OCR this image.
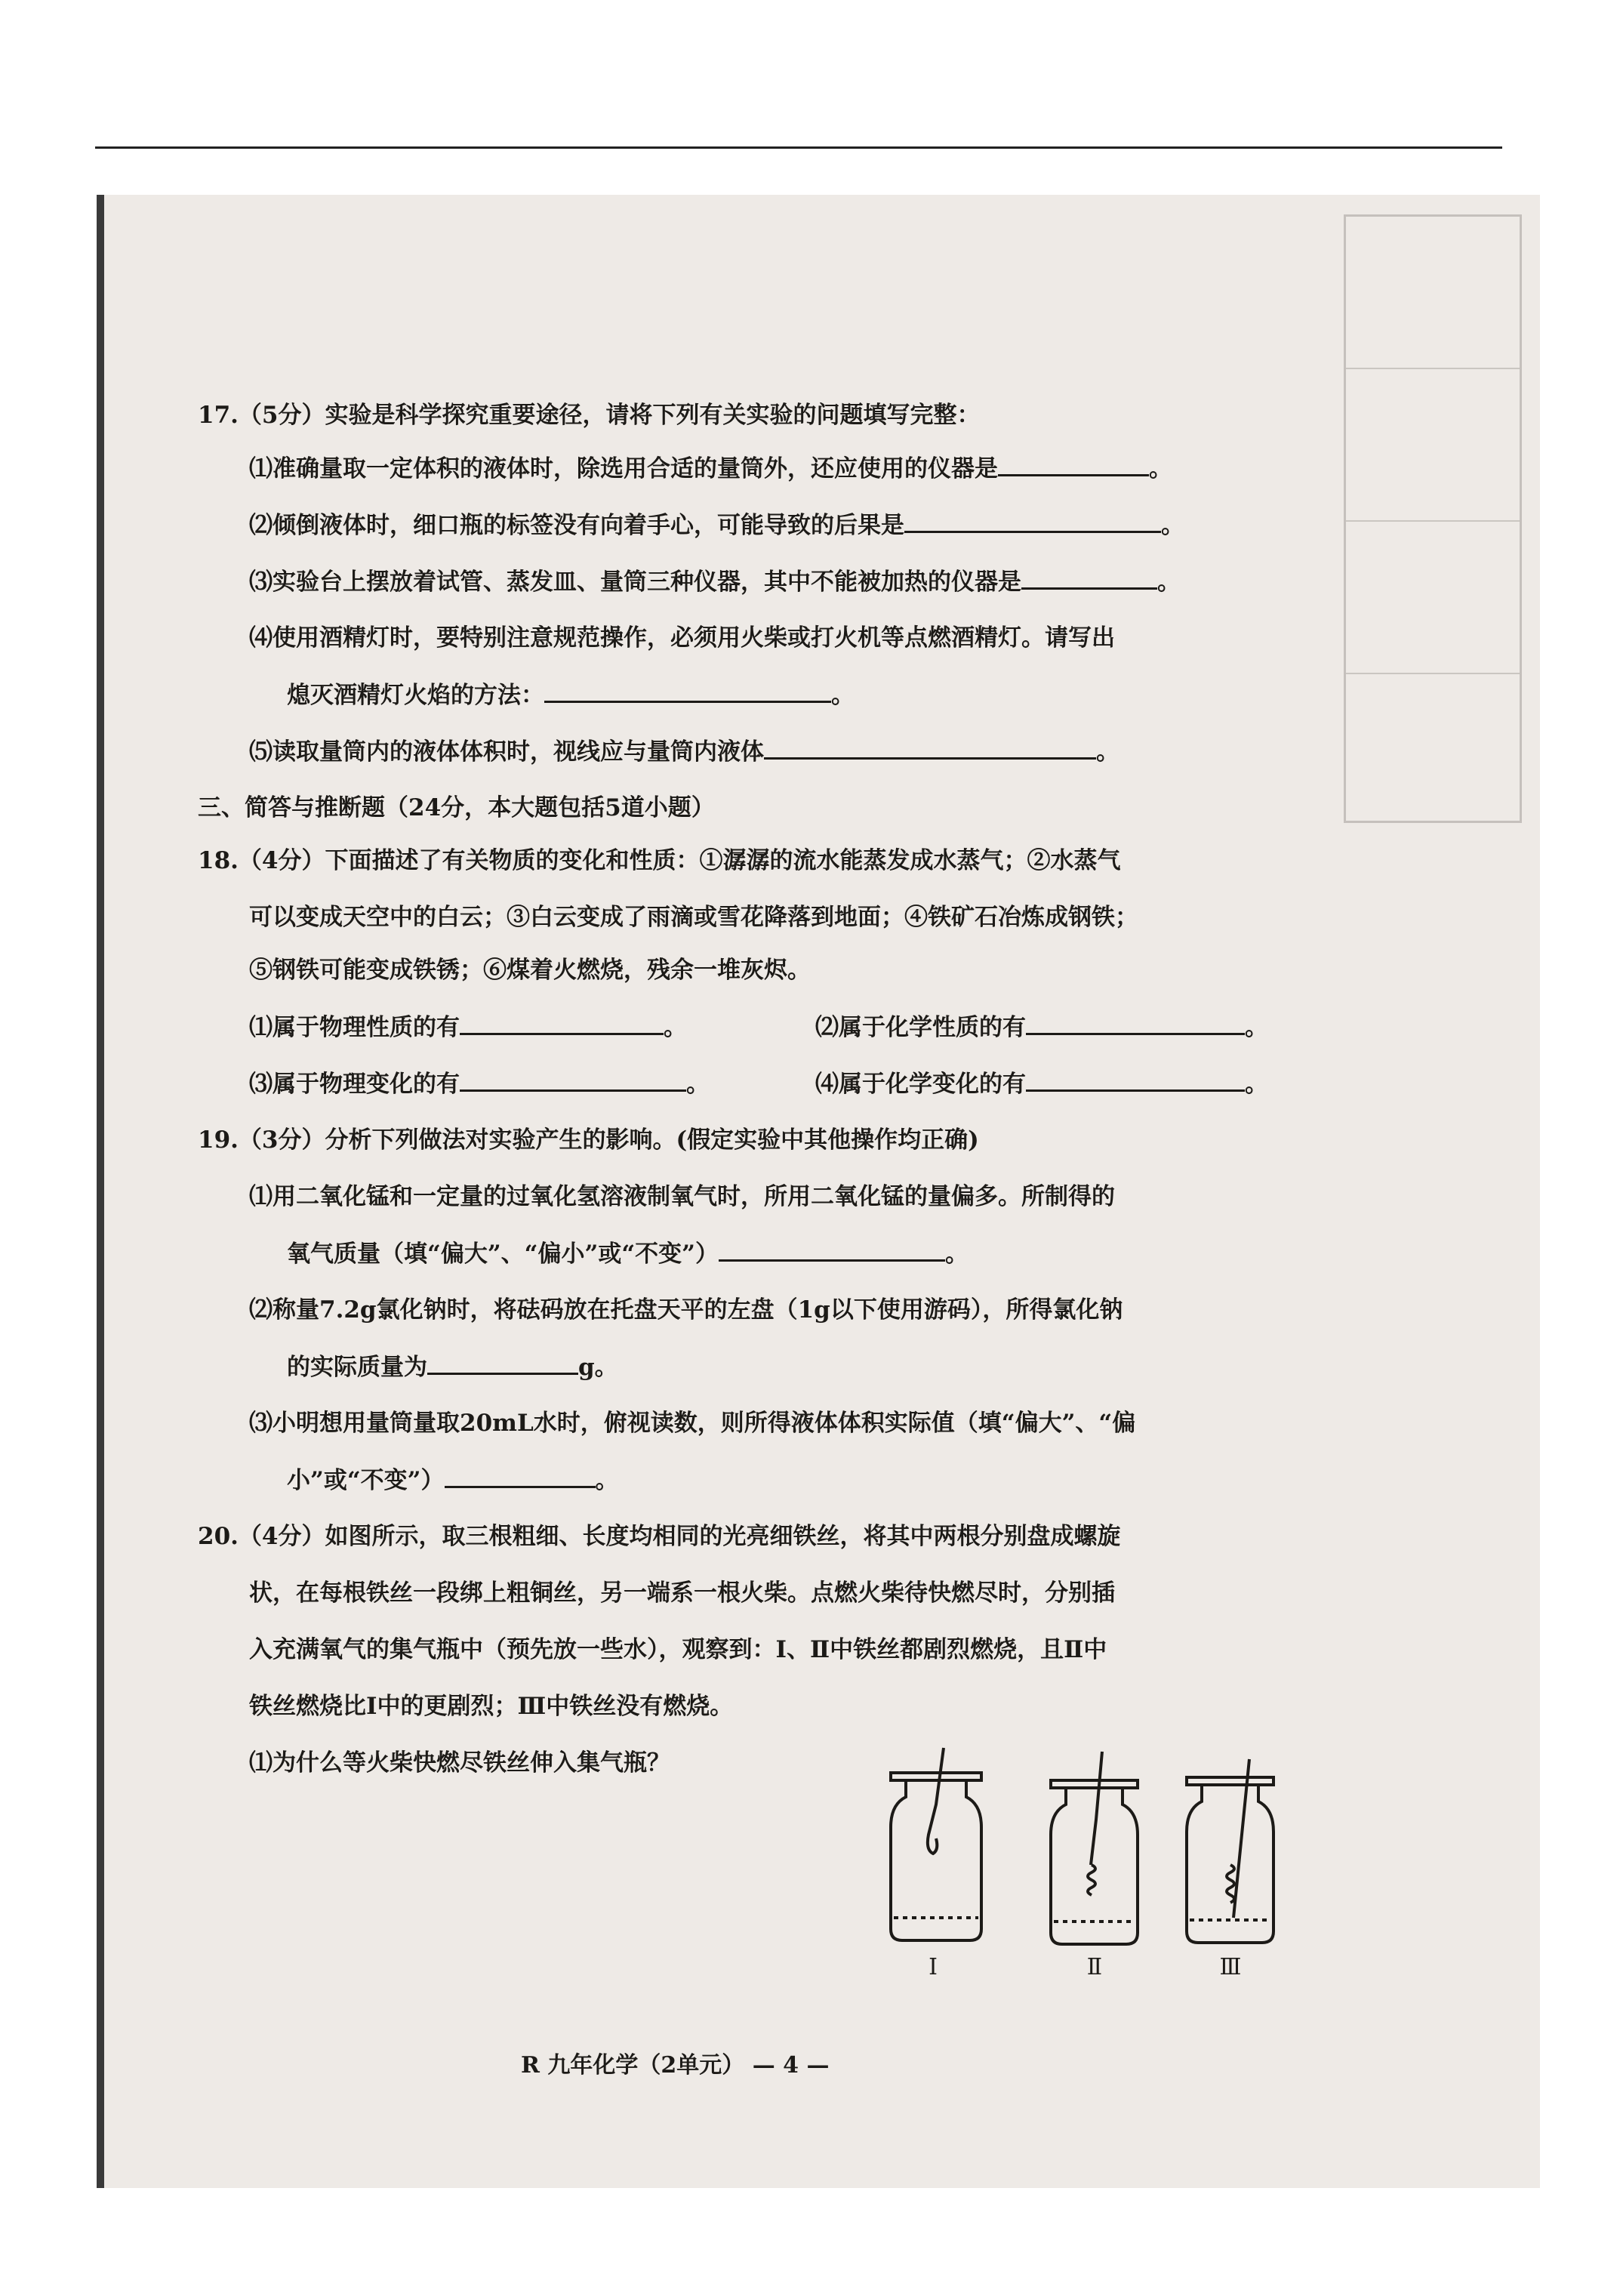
17.（5分）实验是科学探究重要途径，请将下列有关实验的问题填写完整：
⑴准确量取一定体积的液体时，除选用合适的量筒外，还应使用的仪器是	。
⑵倾倒液体时，细口瓶的标签没有向着手心，可能导致的后果是	。
⑶实验台上摆放着试管、蒸发皿、量筒三种仪器，其中不能被加热的仪器是	。
⑷使用酒精灯时，要特别注意规范操作，必须用火柴或打火机等点燃酒精灯。请写出
熄灭酒精灯火焰的方法：	。
⑸读取量筒内的液体体积时，视线应与量筒内液体	。
三、简答与推断题（24分，本大题包括5道小题）
18.（4分）下面描述了有关物质的变化和性质：①潺潺的流水能蒸发成水蒸气；②水蒸气
可以变成天空中的白云；③白云变成了雨滴或雪花降落到地面；④铁矿石冶炼成钢铁；
⑤钢铁可能变成铁锈；⑥煤着火燃烧，残余一堆灰烬。
⑴属于物理性质的有	。	⑵属于化学性质的有	。
⑶属于物理变化的有	。	⑷属于化学变化的有	。
19.（3分）分析下列做法对实验产生的影响。(假定实验中其他操作均正确)
⑴用二氧化锰和一定量的过氧化氢溶液制氧气时，所用二氧化锰的量偏多。所制得的
氧气质量（填“偏大”、“偏小”或“不变”）	。
⑵称量7.2g氯化钠时，将砝码放在托盘天平的左盘（1g以下使用游码），所得氯化钠
的实际质量为	g。
⑶小明想用量筒量取20mL水时，俯视读数，则所得液体体积实际值（填“偏大”、“偏
小”或“不变”）	。
20.（4分）如图所示，取三根粗细、长度均相同的光亮细铁丝，将其中两根分别盘成螺旋
状，在每根铁丝一段绑上粗铜丝，另一端系一根火柴。点燃火柴待快燃尽时，分别插
入充满氧气的集气瓶中（预先放一些水），观察到：Ⅰ、Ⅱ中铁丝都剧烈燃烧，且Ⅱ中
铁丝燃烧比Ⅰ中的更剧烈；Ⅲ中铁丝没有燃烧。
⑴为什么等火柴快燃尽铁丝伸入集气瓶？
Ⅰ	Ⅱ	Ⅲ
R 九年化学（2单元） — 4 —
